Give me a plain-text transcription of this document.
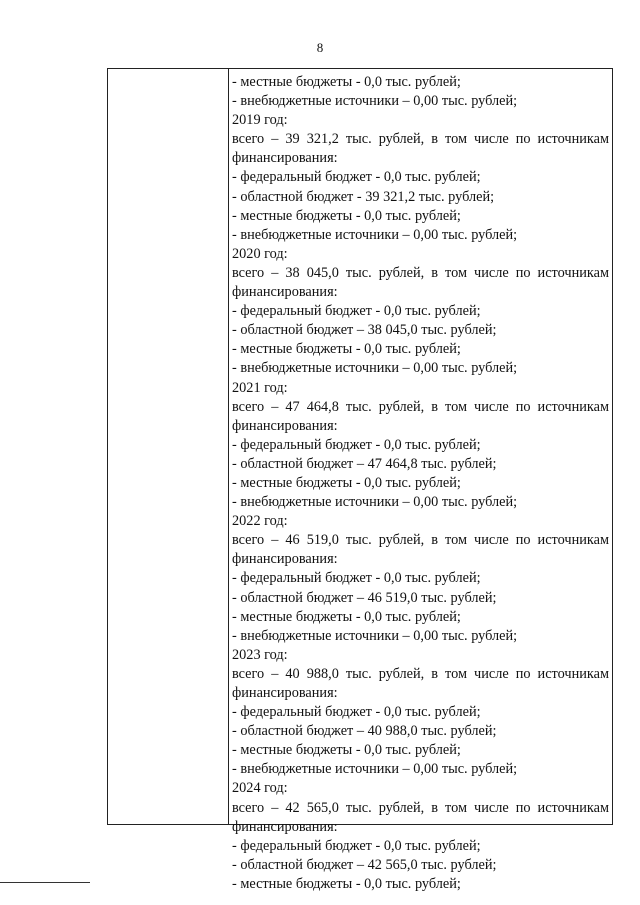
8
- местные бюджеты - 0,0 тыс. рублей;
- внебюджетные источники – 0,00 тыс. рублей;
2019 год:
всего – 39 321,2 тыс. рублей, в том числе по источникам
финансирования:
- федеральный бюджет - 0,0 тыс. рублей;
- областной бюджет - 39 321,2 тыс. рублей;
- местные бюджеты - 0,0 тыс. рублей;
- внебюджетные источники – 0,00 тыс. рублей;
2020 год:
всего – 38 045,0 тыс. рублей, в том числе по источникам
финансирования:
- федеральный бюджет - 0,0 тыс. рублей;
- областной бюджет – 38 045,0 тыс. рублей;
- местные бюджеты - 0,0 тыс. рублей;
- внебюджетные источники – 0,00 тыс. рублей;
2021 год:
всего – 47 464,8 тыс. рублей, в том числе по источникам
финансирования:
- федеральный бюджет - 0,0 тыс. рублей;
- областной бюджет – 47 464,8 тыс. рублей;
- местные бюджеты - 0,0 тыс. рублей;
- внебюджетные источники – 0,00 тыс. рублей;
2022 год:
всего – 46 519,0 тыс. рублей, в том числе по источникам
финансирования:
- федеральный бюджет - 0,0 тыс. рублей;
- областной бюджет – 46 519,0 тыс. рублей;
- местные бюджеты - 0,0 тыс. рублей;
- внебюджетные источники – 0,00 тыс. рублей;
2023 год:
всего – 40 988,0 тыс. рублей, в том числе по источникам
финансирования:
- федеральный бюджет - 0,0 тыс. рублей;
- областной бюджет – 40 988,0 тыс. рублей;
- местные бюджеты - 0,0 тыс. рублей;
- внебюджетные источники – 0,00 тыс. рублей;
2024 год:
всего – 42 565,0 тыс. рублей, в том числе по источникам
финансирования:
- федеральный бюджет - 0,0 тыс. рублей;
- областной бюджет – 42 565,0 тыс. рублей;
- местные бюджеты - 0,0 тыс. рублей;
